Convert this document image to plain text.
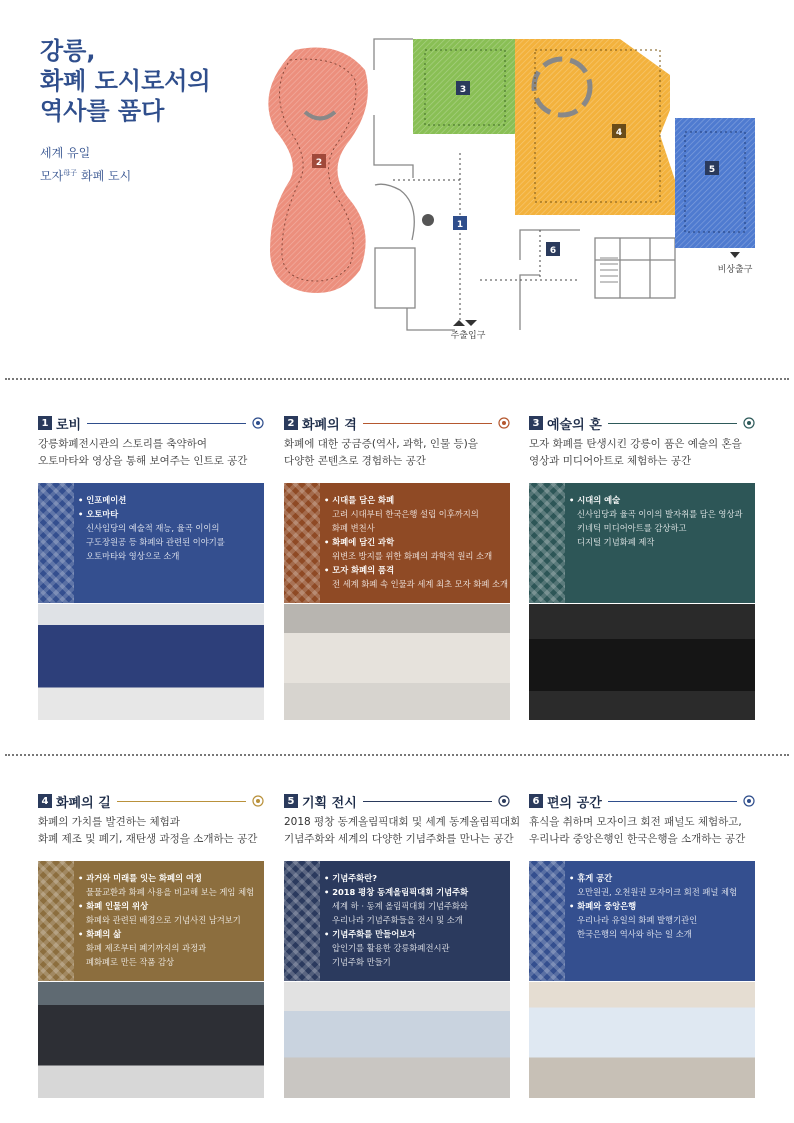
강릉,
화폐 도시로서의
역사를 품다
세계 유일
모자$^{母子}$ 화폐 도시
2
3
4
5
6
1
주출입구
비상출구
1 로비
강릉화폐전시관의 스토리를 축약하여
오토마타와 영상을 통해 보여주는 인트로 공간
• 인포메이션
• 오토마타
신사임당의 예술적 재능, 율곡 이이의
구도장원공 등 화폐와 관련된 이야기를
오토마타와 영상으로 소개
2 화폐의 격
화폐에 대한 궁금증(역사, 과학, 인물 등)을
다양한 콘텐츠로 경험하는 공간
• 시대를 담은 화폐
고려 시대부터 한국은행 설립 이후까지의
화폐 변천사
• 화폐에 담긴 과학
위변조 방지를 위한 화폐의 과학적 원리 소개
• 모자 화폐의 품격
전 세계 화폐 속 인물과 세계 최초 모자 화폐 소개
3 예술의 혼
모자 화폐를 탄생시킨 강릉이 품은 예술의 혼을
영상과 미디어아트로 체험하는 공간
• 시대의 예술
신사임당과 율곡 이이의 발자취를 담은 영상과
키네틱 미디어아트를 감상하고
디지털 기념화폐 제작
4 화폐의 길
화폐의 가치를 발견하는 체험과
화폐 제조 및 폐기, 재탄생 과정을 소개하는 공간
• 과거와 미래를 잇는 화폐의 여정
물물교환과 화폐 사용을 비교해 보는 게임 체험
• 화폐 인물의 위상
화폐와 관련된 배경으로 기념사진 남겨보기
• 화폐의 삶
화폐 제조부터 폐기까지의 과정과
폐화폐로 만든 작품 감상
5 기획 전시
2018 평창 동계올림픽대회 및 세계 동계올림픽대회
기념주화와 세계의 다양한 기념주화를 만나는 공간
• 기념주화란?
• 2018 평창 동계올림픽대회 기념주화
세계 하 · 동계 올림픽대회 기념주화와
우리나라 기념주화들을 전시 및 소개
• 기념주화를 만들어보자
압인기를 활용한 강릉화폐전시관
기념주화 만들기
6 편의 공간
휴식을 취하며 모자이크 회전 패널도 체험하고,
우리나라 중앙은행인 한국은행을 소개하는 공간
• 휴게 공간
오만원권, 오천원권 모자이크 회전 패널 체험
• 화폐와 중앙은행
우리나라 유일의 화폐 발행기관인
한국은행의 역사와 하는 일 소개
